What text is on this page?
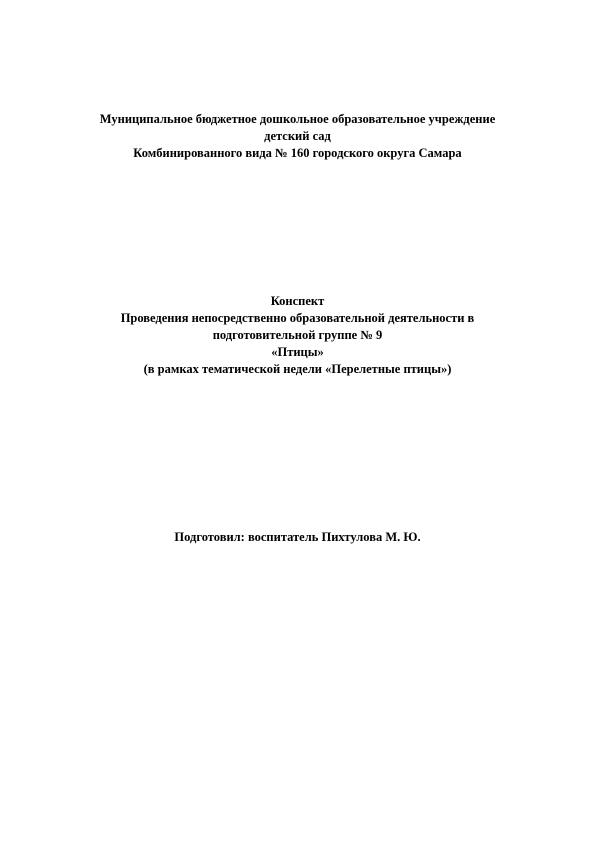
Муниципальное бюджетное дошкольное образовательное учреждение
детский сад
Комбинированного вида № 160 городского округа Самара
Конспект
Проведения непосредственно образовательной деятельности в
подготовительной группе № 9
«Птицы»
(в рамках тематической недели «Перелетные птицы»)
Подготовил: воспитатель Пихтулова М. Ю.
